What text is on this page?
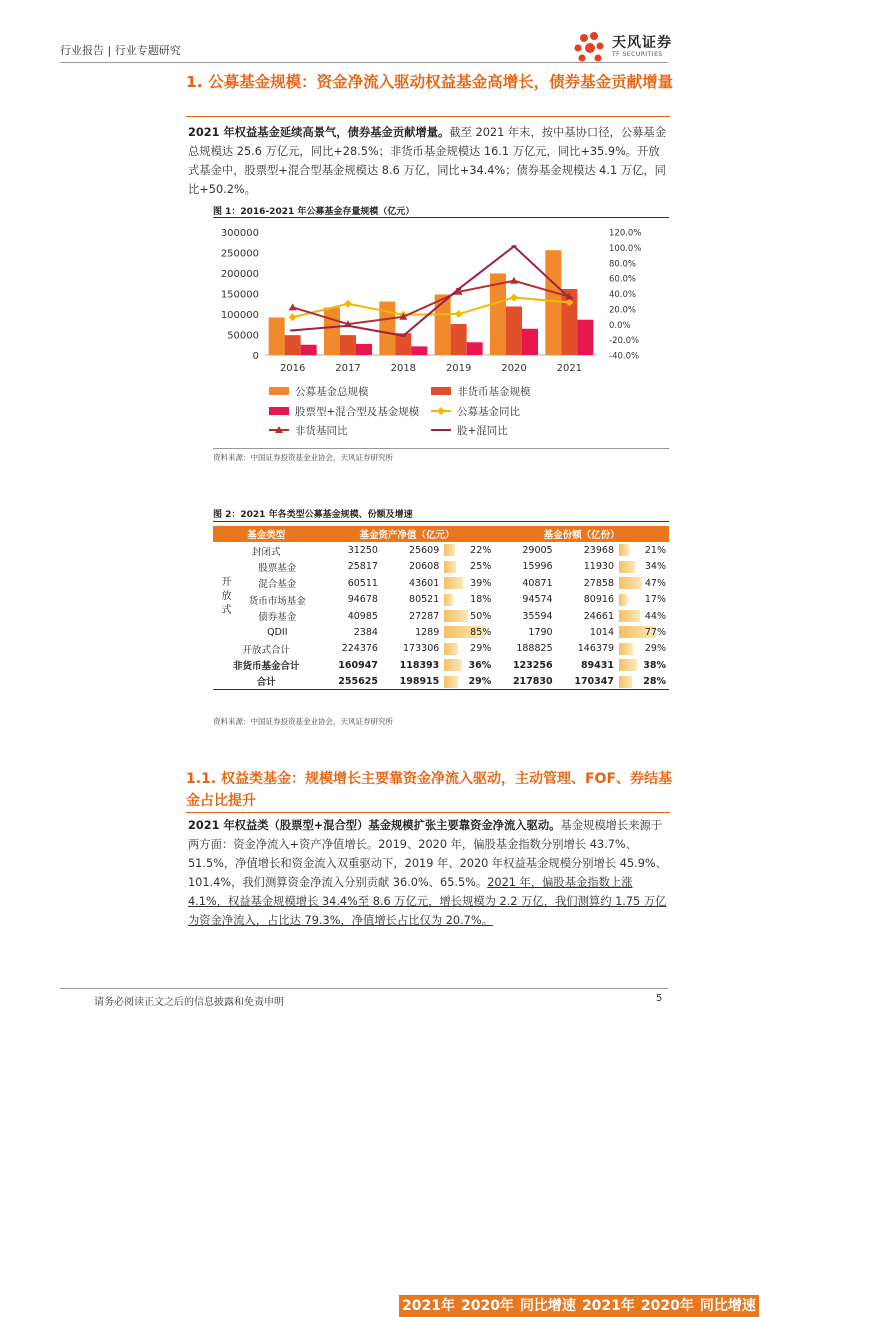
行业报告 | 行业专题研究	天风证券
TF SECURITIES
1. 公募基金规模：资金净流入驱动权益基金高增长，债券基金贡献增量
2021 年权益基金延续高景气，债券基金贡献增量。截至 2021 年末，按中基协口径，公募基金总规模达 25.6 万亿元，同比+28.5%；非货币基金规模达 16.1 万亿元，同比+35.9%。开放式基金中，股票型+混合型基金规模达 8.6 万亿，同比+34.4%；债券基金规模达 4.1 万亿，同比+50.2%。
图 1：2016-2021 年公募基金存量规模（亿元）
300000
250000
200000
150000
100000
50000
0
120.0%
100.0%
80.0%
60.0%
40.0%
20.0%
0.0%
-20.0%
-40.0%
2016	2017	2018	2019	2020	2021
公募基金总规模	非货币基金规模
股票型+混合型及基金规模	公募基金同比
非货基同比	股+混同比
资料来源：中国证券投资基金业协会，天风证券研究所
图 2：2021 年各类型公募基金规模、份额及增速
基金类型	基金资产净值（亿元）	基金份额（亿份）

2021年	2020年	同比增速	2021年	2020年	同比增速
封闭式	31250	25609	22%	29005	23968	21%

开放式	股票基金	25817	20608	25%	15996	11930	34%

混合基金	60511	43601	39%	40871	27858	47%

货币市场基金	94678	80521	18%	94574	80916	17%

债券基金	40985	27287	50%	35594	24661	44%

QDII	2384	1289	85%	1790	1014	77%

开放式合计	224376	173306	29%	188825	146379	29%

非货币基金合计	160947	118393	36%	123256	89431	38%

合计	255625	198915	29%	217830	170347	28%
资料来源：中国证券投资基金业协会，天风证券研究所
1.1. 权益类基金：规模增长主要靠资金净流入驱动，主动管理、FOF、券结基金占比提升
2021 年权益类（股票型+混合型）基金规模扩张主要靠资金净流入驱动。基金规模增长来源于两方面：资金净流入+资产净值增长。2019、2020 年，偏股基金指数分别增长 43.7%、51.5%，净值增长和资金流入双重驱动下，2019 年、2020 年权益基金规模分别增长 45.9%、101.4%，我们测算资金净流入分别贡献 36.0%、65.5%。2021 年，偏股基金指数上涨 4.1%，权益基金规模增长 34.4%至 8.6 万亿元，增长规模为 2.2 万亿，我们测算约 1.75 万亿为资金净流入，占比达 79.3%，净值增长占比仅为 20.7%。
请务必阅读正文之后的信息披露和免责申明	5
